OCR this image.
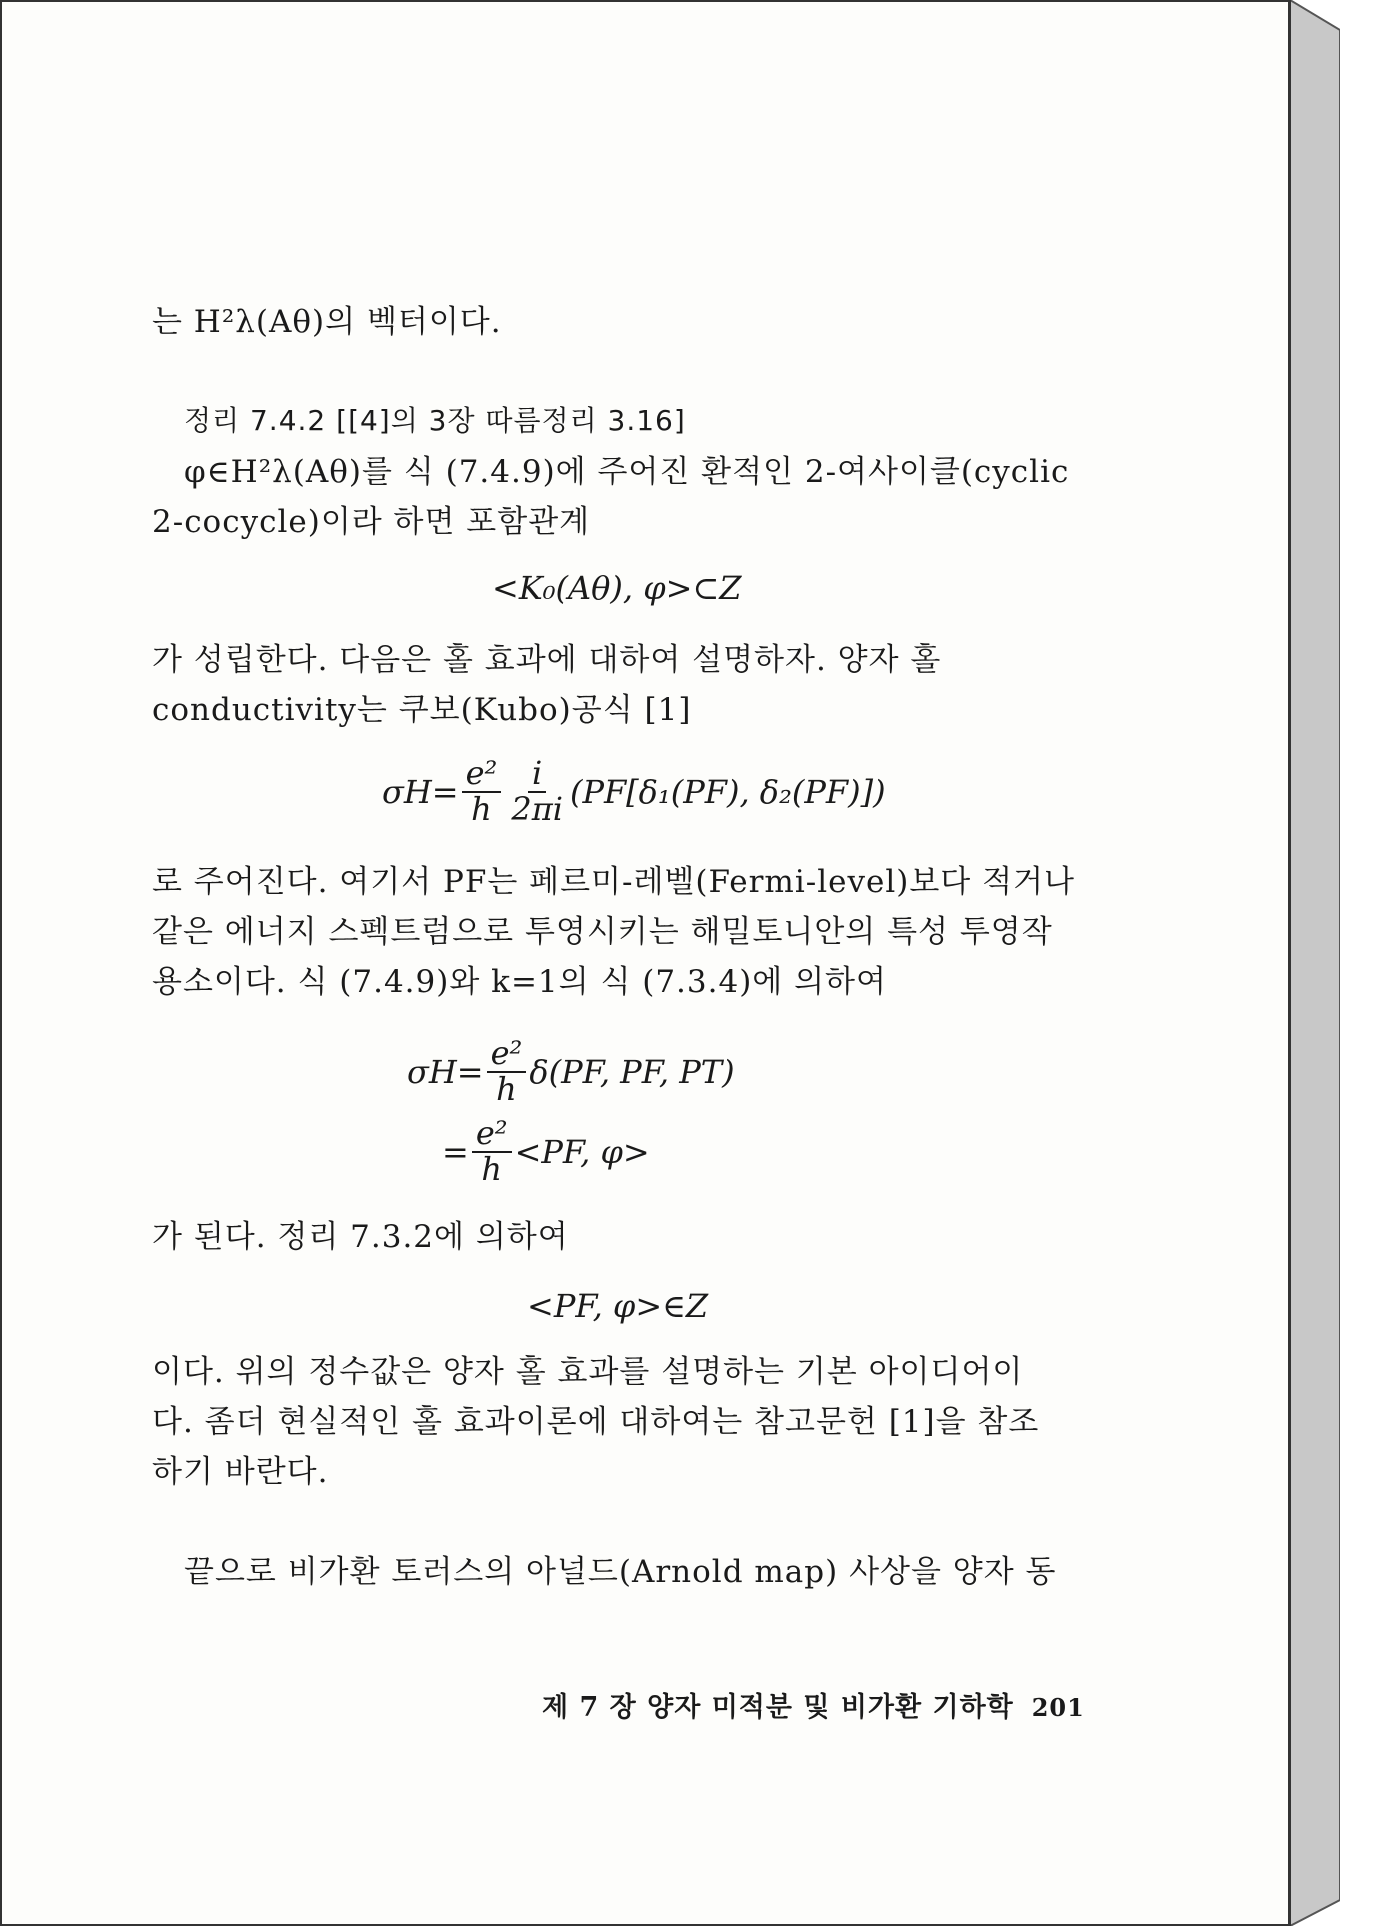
는 H²λ(Aθ)의 벡터이다.
정리 7.4.2 [[4]의 3장 따름정리 3.16]
φ∈H²λ(Aθ)를 식 (7.4.9)에 주어진 환적인 2-여사이클(cyclic
2-cocycle)이라 하면 포함관계
<K₀(Aθ), φ>⊂Z
가 성립한다. 다음은 홀 효과에 대하여 설명하자. 양자 홀
conductivity는 쿠보(Kubo)공식 [1]
$\sigma H= \frac{\text{e²}}{h} \frac{i}{2\pi i} (PF[\delta_1(PF)$, δ₂(PF)])
로 주어진다. 여기서 PF는 페르미-레벨(Fermi-level)보다 적거나
같은 에너지 스펙트럼으로 투영시키는 해밀토니안의 특성 투영작
용소이다. 식 (7.4.9)와 k=1의 식 (7.3.4)에 의하여
$\sigma H= \frac{\text{e²}}{h} \delta(PF$, PF, PT)
= $\frac{\text{e²}}{h} <PF$, φ>
가 된다. 정리 7.3.2에 의하여
<PF, φ>∈Z
이다. 위의 정수값은 양자 홀 효과를 설명하는 기본 아이디어이
다. 좀더 현실적인 홀 효과이론에 대하여는 참고문헌 [1]을 참조
하기 바란다.
끝으로 비가환 토러스의 아널드(Arnold map) 사상을 양자 동
제 7 장 양자 미적분 및 비가환 기하학 201
